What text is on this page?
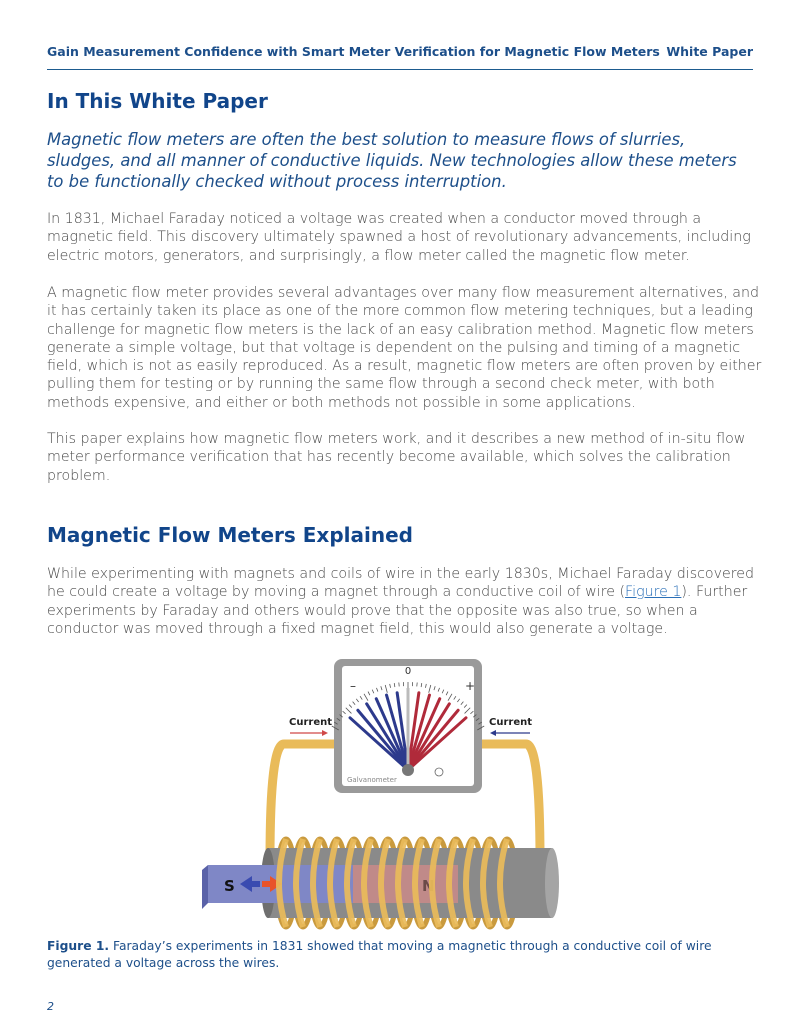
Gain Measurement Confidence with Smart Meter Verification for Magnetic Flow Meters White Paper
In This White Paper

Magnetic flow meters are often the best solution to measure flows of slurries, sludges, and all manner of conductive liquids. New technologies allow these meters to be functionally checked without process interruption.

In 1831, Michael Faraday noticed a voltage was created when a conductor moved through a magnetic field. This discovery ultimately spawned a host of revolutionary advancements, including electric motors, generators, and surprisingly, a flow meter called the magnetic flow meter.

A magnetic flow meter provides several advantages over many flow measurement alternatives, and it has certainly taken its place as one of the more common flow metering techniques, but a leading challenge for magnetic flow meters is the lack of an easy calibration method. Magnetic flow meters generate a simple voltage, but that voltage is dependent on the pulsing and timing of a magnetic field, which is not as easily reproduced. As a result, magnetic flow meters are often proven by either pulling them for testing or by running the same flow through a second check meter, with both methods expensive, and either or both methods not possible in some applications.

This paper explains how magnetic flow meters work, and it describes a new method of in-situ flow meter performance verification that has recently become available, which solves the calibration problem.

Magnetic Flow Meters Explained

While experimenting with magnets and coils of wire in the early 1830s, Michael Faraday discovered he could create a voltage by moving a magnet through a conductive coil of wire (Figure 1). Further experiments by Faraday and others would prove that the opposite was also true, so when a conductor was moved through a fixed magnet field, this would also generate a voltage.

0
–	+
Galvanometer
Current	Current
S	N

Figure 1. Faraday’s experiments in 1831 showed that moving a magnetic through a conductive coil of wire generated a voltage across the wires.

2
